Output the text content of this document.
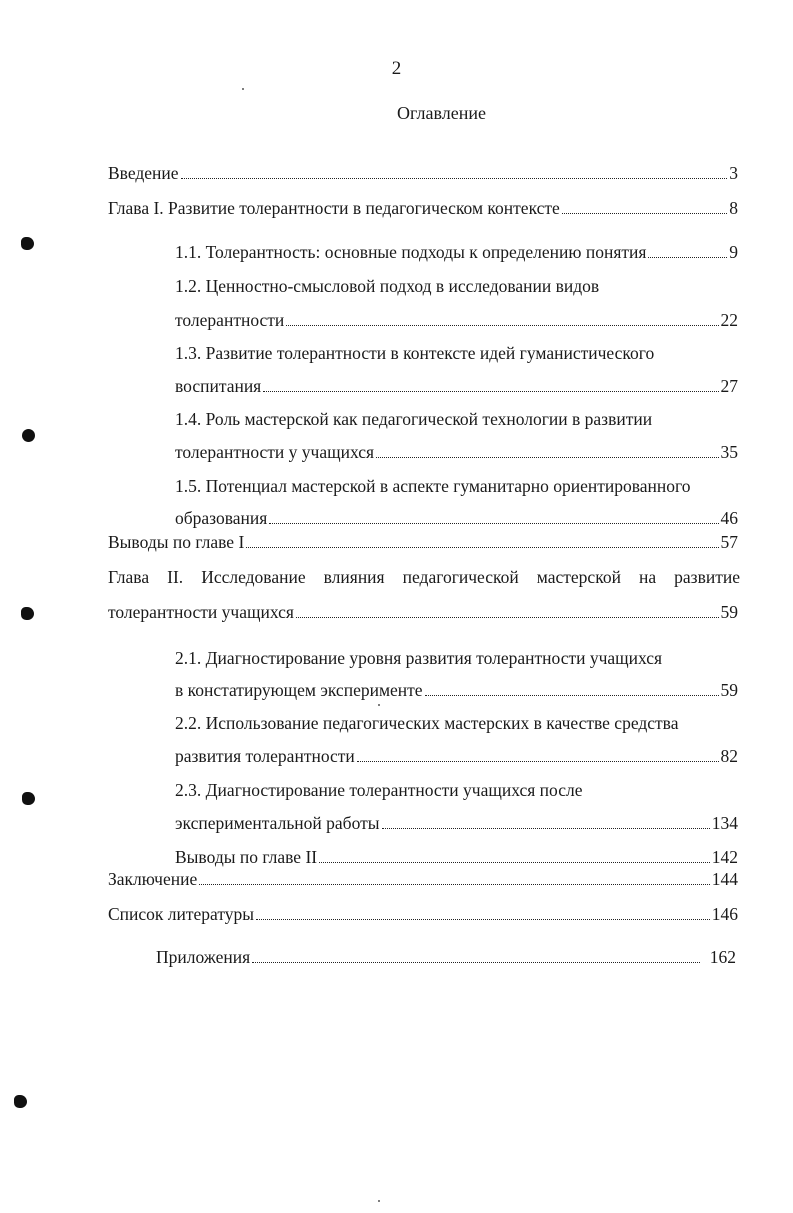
2
Оглавление
Введение	3
Глава I. Развитие толерантности в педагогическом контексте	8
1.1. Толерантность: основные подходы к определению понятия	9
1.2. Ценностно-смысловой подход в исследовании видов
толерантности	22
1.3. Развитие толерантности в контексте идей гуманистического
воспитания	27
1.4. Роль мастерской как педагогической технологии в развитии
толерантности у учащихся	35
1.5. Потенциал мастерской в аспекте гуманитарно ориентированного
образования	46
Выводы по главе I	57
Глава II. Исследование влияния педагогической мастерской на развитие
толерантности учащихся	59
2.1. Диагностирование уровня развития толерантности учащихся
в констатирующем эксперименте	59
2.2. Использование педагогических мастерских в качестве средства
развития толерантности	82
2.3. Диагностирование толерантности учащихся после
экспериментальной работы	134
Выводы по главе II	142
Заключение	144
Список литературы	146
Приложения	162
